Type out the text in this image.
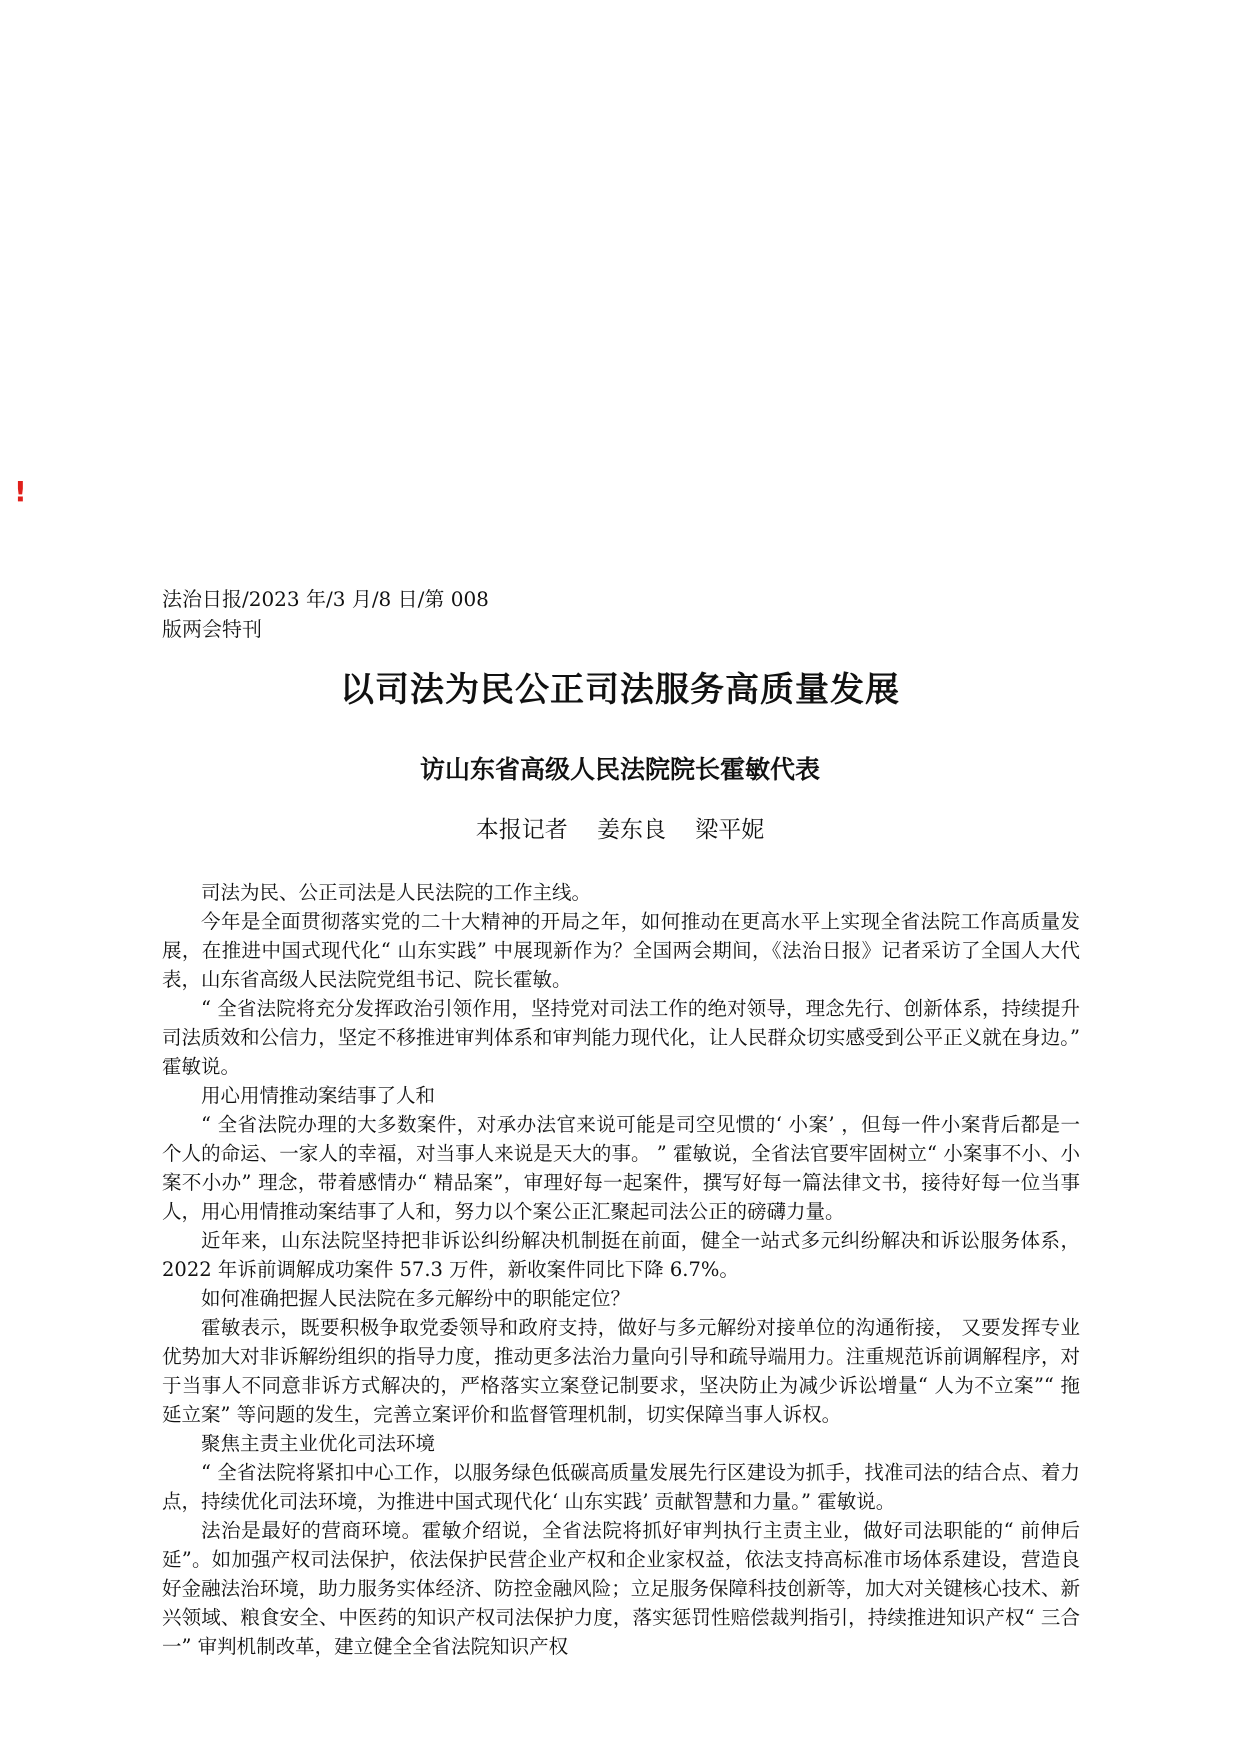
!
法治日报/2023 年/3 月/8 日/第 008
版两会特刊
以司法为民公正司法服务高质量发展
访山东省高级人民法院院长霍敏代表
本报记者    姜东良    梁平妮

司法为民、公正司法是人民法院的工作主线。

今年是全面贯彻落实党的二十大精神的开局之年，如何推动在更高水平上实现全省法院工作高质量发展，在推进中国式现代化“ 山东实践” 中展现新作为？全国两会期间，《法治日报》记者采访了全国人大代表，山东省高级人民法院党组书记、院长霍敏。

“ 全省法院将充分发挥政治引领作用，坚持党对司法工作的绝对领导，理念先行、创新体系，持续提升司法质效和公信力，坚定不移推进审判体系和审判能力现代化，让人民群众切实感受到公平正义就在身边。” 霍敏说。

用心用情推动案结事了人和

“ 全省法院办理的大多数案件，对承办法官来说可能是司空见惯的‘ 小案’ ，但每一件小案背后都是一个人的命运、一家人的幸福，对当事人来说是天大的事。 ” 霍敏说，全省法官要牢固树立“ 小案事不小、小案不小办” 理念，带着感情办“ 精品案”，审理好每一起案件，撰写好每一篇法律文书，接待好每一位当事人，用心用情推动案结事了人和，努力以个案公正汇聚起司法公正的磅礴力量。

近年来，山东法院坚持把非诉讼纠纷解决机制挺在前面，健全一站式多元纠纷解决和诉讼服务体系，2022 年诉前调解成功案件 57.3 万件，新收案件同比下降 6.7%。

如何准确把握人民法院在多元解纷中的职能定位？

霍敏表示，既要积极争取党委领导和政府支持，做好与多元解纷对接单位的沟通衔接， 又要发挥专业优势加大对非诉解纷组织的指导力度，推动更多法治力量向引导和疏导端用力。注重规范诉前调解程序，对于当事人不同意非诉方式解决的，严格落实立案登记制要求，坚决防止为减少诉讼增量“ 人为不立案”“ 拖延立案” 等问题的发生，完善立案评价和监督管理机制，切实保障当事人诉权。

聚焦主责主业优化司法环境

“ 全省法院将紧扣中心工作，以服务绿色低碳高质量发展先行区建设为抓手，找准司法的结合点、着力点，持续优化司法环境，为推进中国式现代化‘ 山东实践’ 贡献智慧和力量。” 霍敏说。

法治是最好的营商环境。霍敏介绍说，全省法院将抓好审判执行主责主业，做好司法职能的“ 前伸后延”。如加强产权司法保护，依法保护民营企业产权和企业家权益，依法支持高标准市场体系建设，营造良好金融法治环境，助力服务实体经济、防控金融风险；立足服务保障科技创新等，加大对关键核心技术、新兴领域、粮食安全、中医药的知识产权司法保护力度，落实惩罚性赔偿裁判指引，持续推进知识产权“ 三合一” 审判机制改革，建立健全全省法院知识产权
